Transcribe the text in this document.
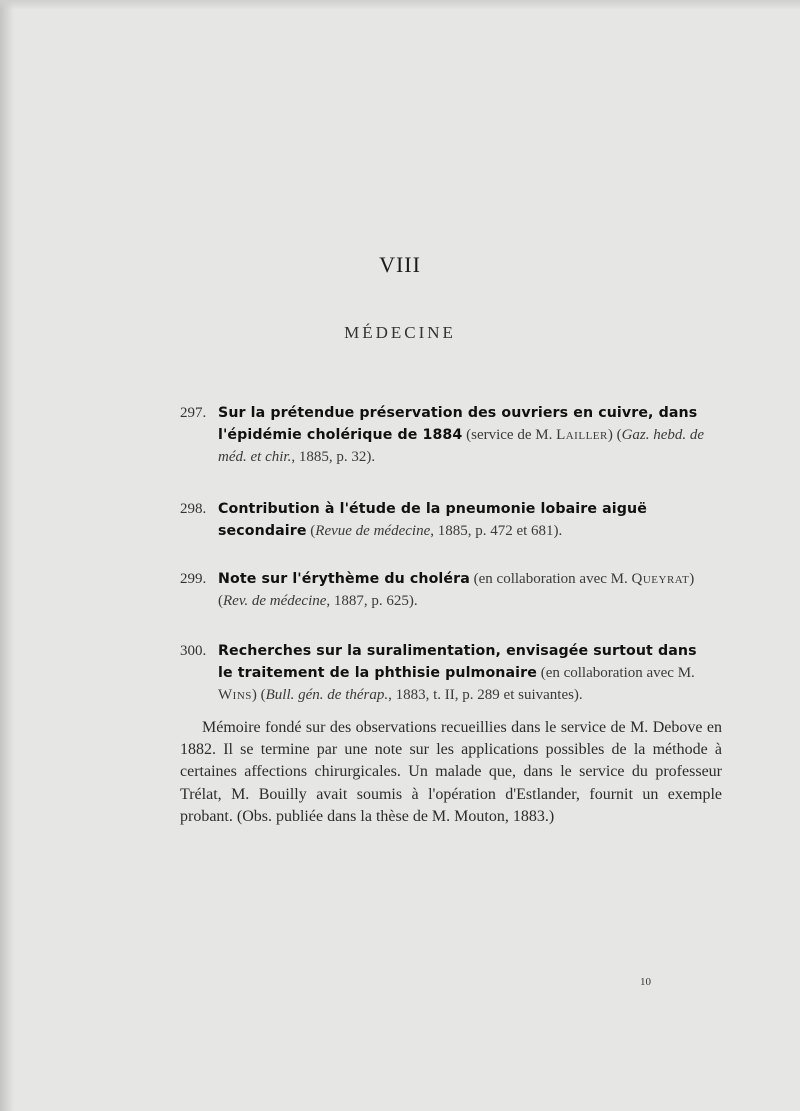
VIII
MÉDECINE
297. Sur la prétendue préservation des ouvriers en cuivre, dans l'épidémie cholérique de 1884 (service de M. Lailler) (Gaz. hebd. de méd. et chir., 1885, p. 32).
298. Contribution à l'étude de la pneumonie lobaire aiguë secondaire (Revue de médecine, 1885, p. 472 et 681).
299. Note sur l'érythème du choléra (en collaboration avec M. Queyrat) (Rev. de médecine, 1887, p. 625).
300. Recherches sur la suralimentation, envisagée surtout dans le traitement de la phthisie pulmonaire (en collaboration avec M. Wins) (Bull. gén. de thérap., 1883, t. II, p. 289 et suivantes).
Mémoire fondé sur des observations recueillies dans le service de M. Debove en 1882. Il se termine par une note sur les applications possibles de la méthode à certaines affections chirurgicales. Un malade que, dans le service du professeur Trélat, M. Bouilly avait soumis à l'opération d'Estlander, fournit un exemple probant. (Obs. publiée dans la thèse de M. Mouton, 1883.)
10
